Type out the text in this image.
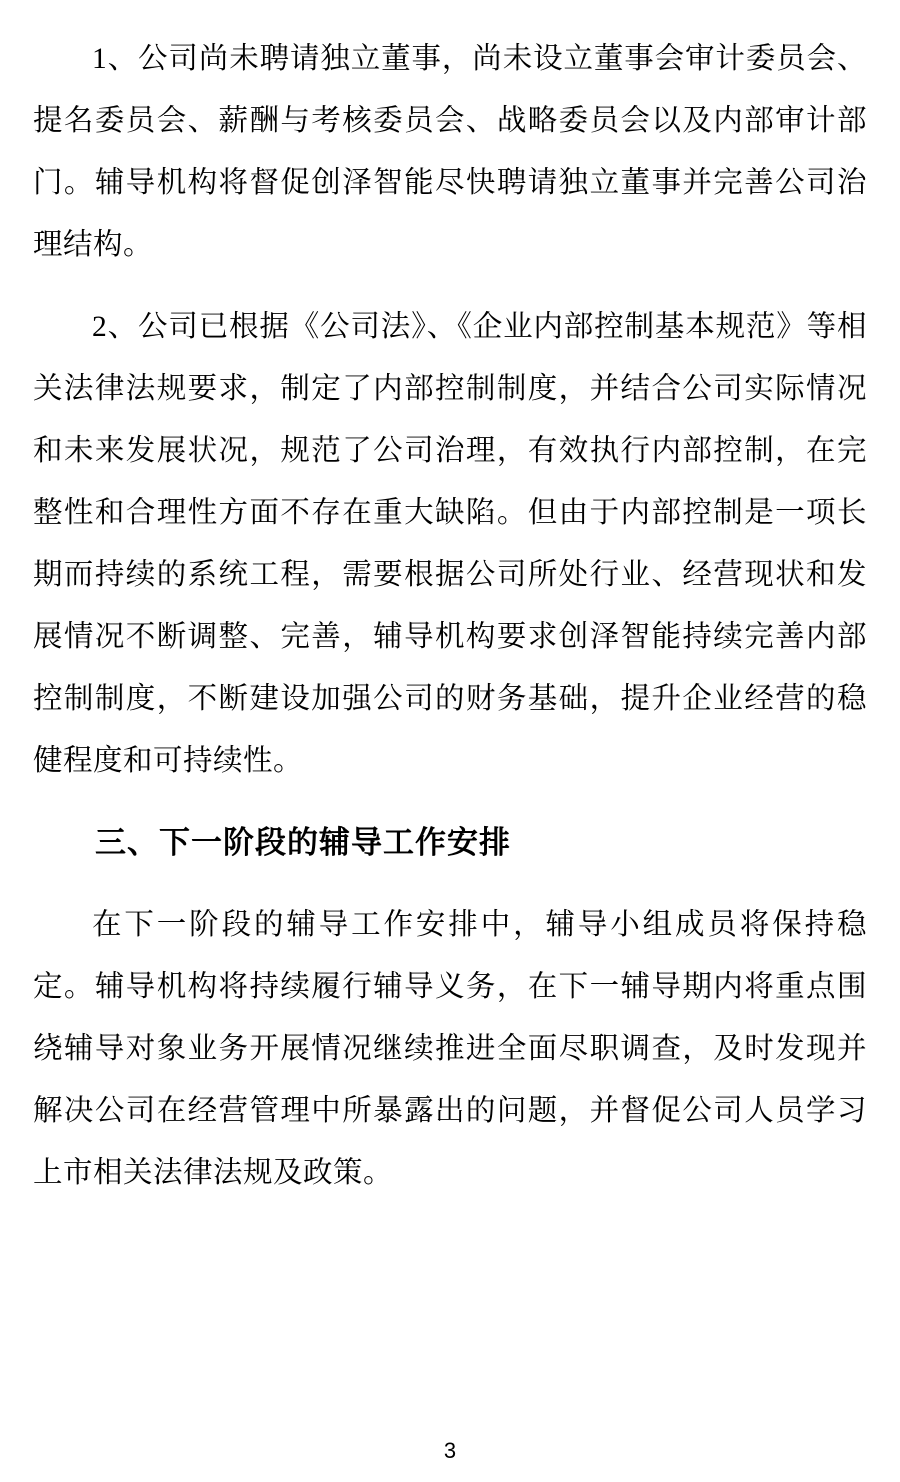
1、公司尚未聘请独立董事，尚未设立董事会审计委员会、提名委员会、薪酬与考核委员会、战略委员会以及内部审计部门。辅导机构将督促创泽智能尽快聘请独立董事并完善公司治理结构。

2、公司已根据《公司法》、《企业内部控制基本规范》等相关法律法规要求，制定了内部控制制度，并结合公司实际情况和未来发展状况，规范了公司治理，有效执行内部控制，在完整性和合理性方面不存在重大缺陷。但由于内部控制是一项长期而持续的系统工程，需要根据公司所处行业、经营现状和发展情况不断调整、完善，辅导机构要求创泽智能持续完善内部控制制度，不断建设加强公司的财务基础，提升企业经营的稳健程度和可持续性。

三、下一阶段的辅导工作安排

在下一阶段的辅导工作安排中，辅导小组成员将保持稳定。辅导机构将持续履行辅导义务，在下一辅导期内将重点围绕辅导对象业务开展情况继续推进全面尽职调查，及时发现并解决公司在经营管理中所暴露出的问题，并督促公司人员学习上市相关法律法规及政策。

3
